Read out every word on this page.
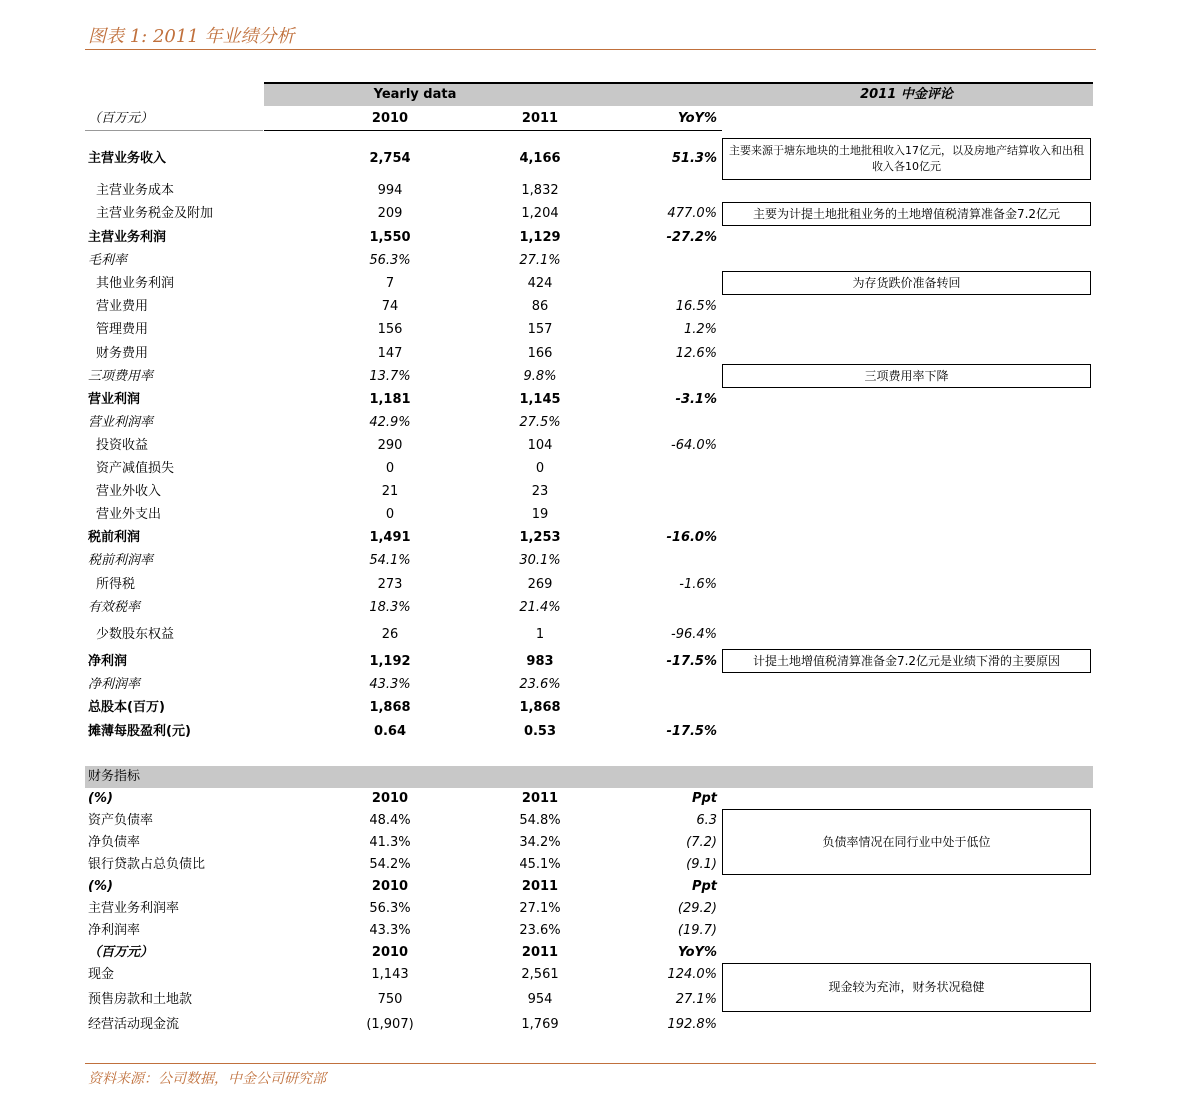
图表 1: 2011 年业绩分析
Yearly data	2011 中金评论
（百万元）	2010	2011	YoY%
主营业务收入	2,754	4,166	51.3%
主营业务成本	994	1,832
主营业务税金及附加	209	1,204	477.0%
主营业务利润	1,550	1,129	-27.2%
毛利率	56.3%	27.1%
其他业务利润	7	424
营业费用	74	86	16.5%
管理费用	156	157	1.2%
财务费用	147	166	12.6%
三项费用率	13.7%	9.8%
营业利润	1,181	1,145	-3.1%
营业利润率	42.9%	27.5%
投资收益	290	104	-64.0%
资产减值损失	0	0
营业外收入	21	23
营业外支出	0	19
税前利润	1,491	1,253	-16.0%
税前利润率	54.1%	30.1%
所得税	273	269	-1.6%
有效税率	18.3%	21.4%
少数股东权益	26	1	-96.4%
净利润	1,192	983	-17.5%
净利润率	43.3%	23.6%
总股本(百万)	1,868	1,868
摊薄每股盈利(元)	0.64	0.53	-17.5%
主要来源于塘东地块的土地批租收入17亿元，以及房地产结算收入和出租收入各10亿元
主要为计提土地批租业务的土地增值税清算准备金7.2亿元
为存货跌价准备转回
三项费用率下降
计提土地增值税清算准备金7.2亿元是业绩下滑的主要原因
财务指标
(%)	2010	2011	Ppt
资产负债率	48.4%	54.8%	6.3
净负债率	41.3%	34.2%	(7.2)
银行贷款占总负债比	54.2%	45.1%	(9.1)
(%)	2010	2011	Ppt
主营业务利润率	56.3%	27.1%	(29.2)
净利润率	43.3%	23.6%	(19.7)
（百万元）	2010	2011	YoY%
现金	1,143	2,561	124.0%
预售房款和土地款	750	954	27.1%
经营活动现金流	(1,907)	1,769	192.8%
负债率情况在同行业中处于低位
现金较为充沛，财务状况稳健
资料来源：公司数据，中金公司研究部
